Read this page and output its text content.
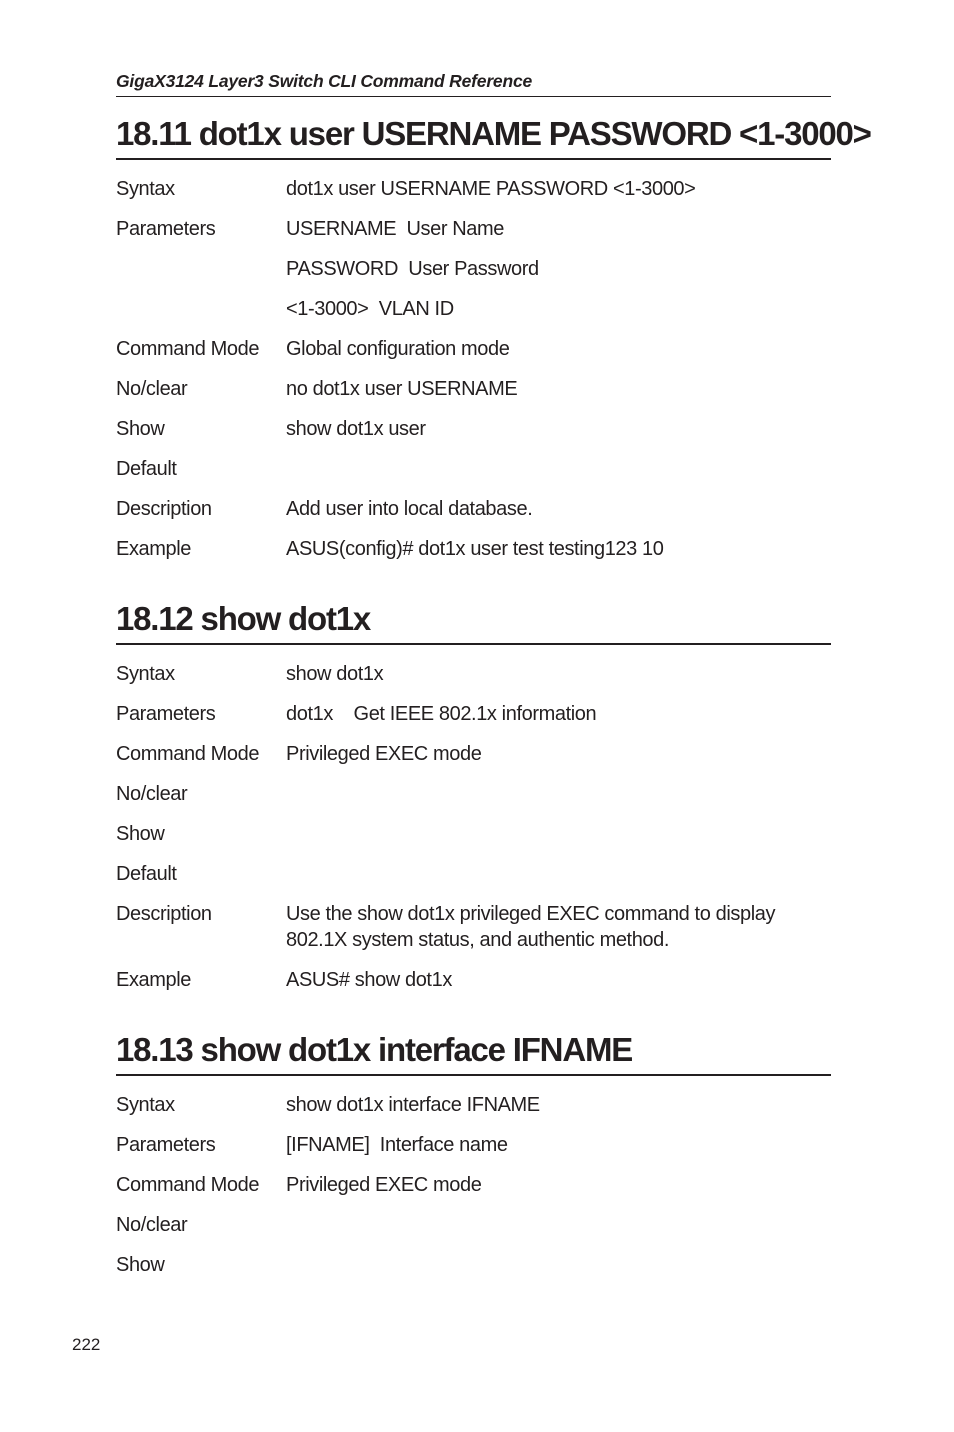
GigaX3124 Layer3 Switch CLI Command Reference
18.11 dot1x user USERNAME PASSWORD <1-3000>
Syntax	dot1x user USERNAME PASSWORD <1-3000>
Parameters	USERNAME  User Name
PASSWORD  User Password
<1-3000>  VLAN ID
Command Mode	Global configuration mode
No/clear	no dot1x user USERNAME
Show	show dot1x user
Default
Description	Add user into local database.
Example	ASUS(config)# dot1x user test testing123 10
18.12 show dot1x
Syntax	show dot1x
Parameters	dot1x    Get IEEE 802.1x information
Command Mode	Privileged EXEC mode
No/clear
Show
Default
Description	Use the show dot1x privileged EXEC command to display 802.1X system status, and authentic method.
Example	ASUS# show dot1x
18.13 show dot1x interface IFNAME
Syntax	show dot1x interface IFNAME
Parameters	[IFNAME]  Interface name
Command Mode	Privileged EXEC mode
No/clear
Show
222
